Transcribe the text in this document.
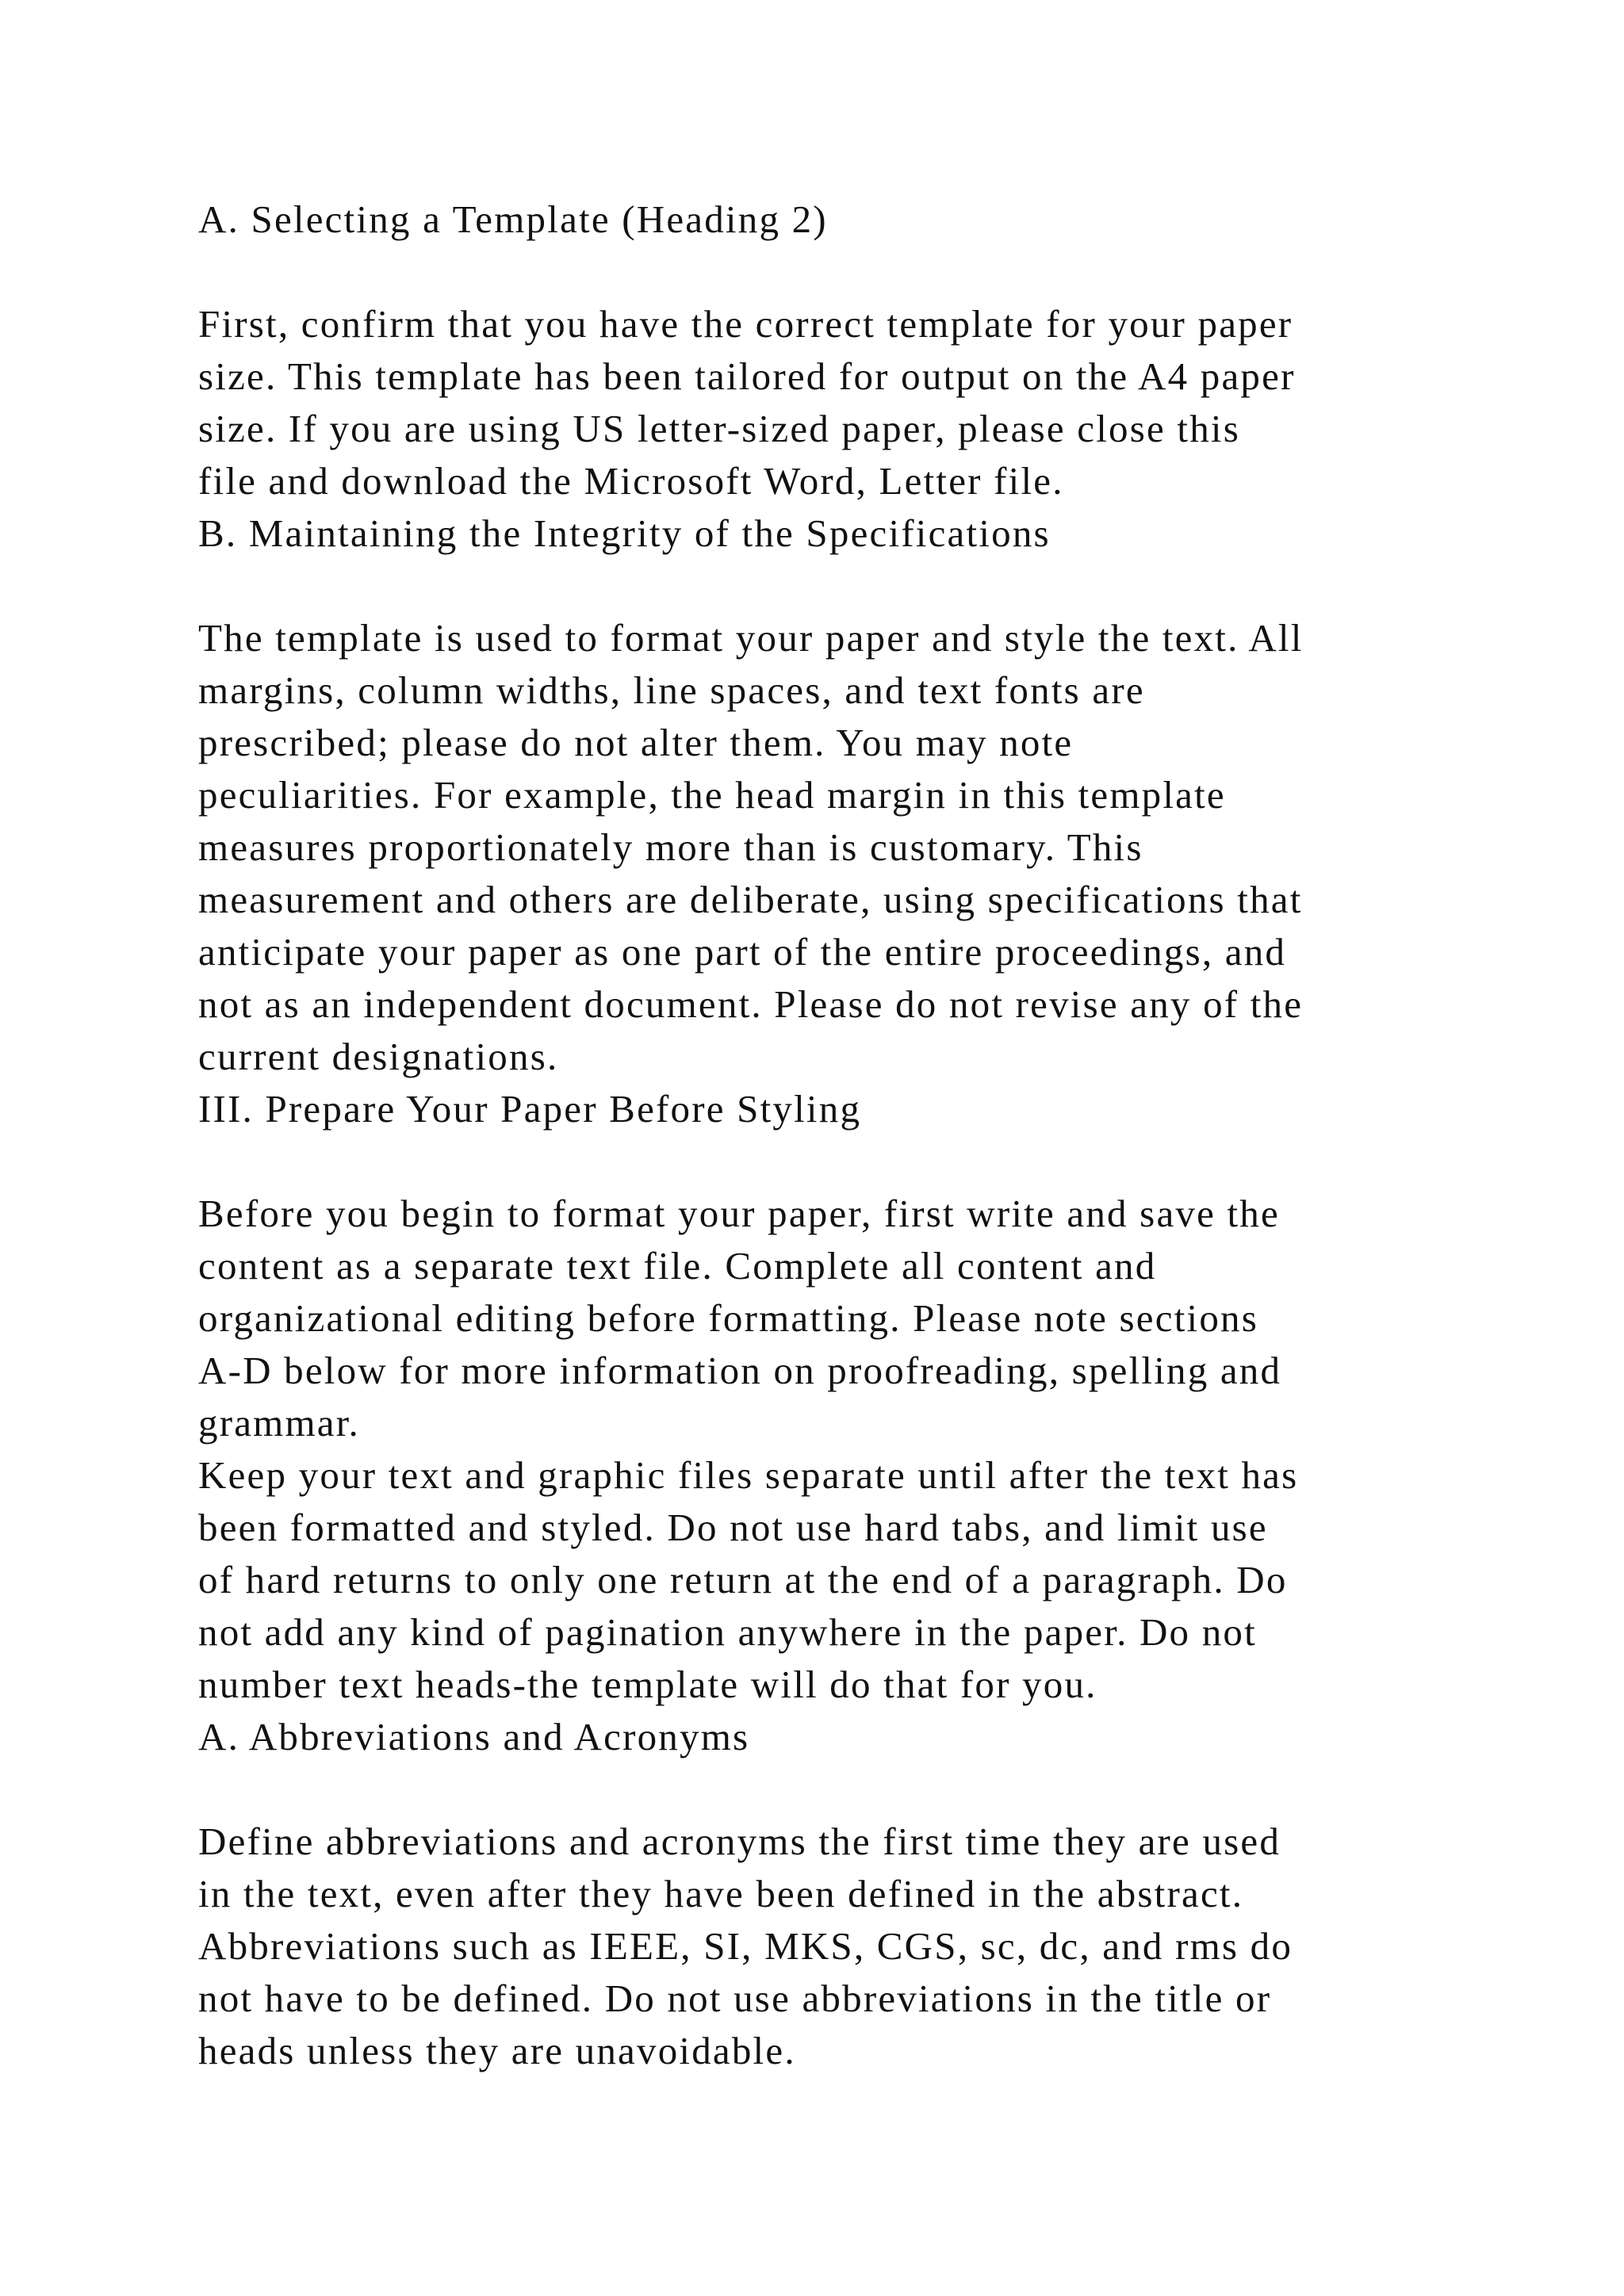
A. Selecting a Template (Heading 2)
First, confirm that you have the correct template for your paper
size. This template has been tailored for output on the A4 paper
size. If you are using US letter-sized paper, please close this
file and download the Microsoft Word, Letter file.
B. Maintaining the Integrity of the Specifications
The template is used to format your paper and style the text. All
margins, column widths, line spaces, and text fonts are
prescribed; please do not alter them. You may note
peculiarities. For example, the head margin in this template
measures proportionately more than is customary. This
measurement and others are deliberate, using specifications that
anticipate your paper as one part of the entire proceedings, and
not as an independent document. Please do not revise any of the
current designations.
III. Prepare Your Paper Before Styling
Before you begin to format your paper, first write and save the
content as a separate text file. Complete all content and
organizational editing before formatting. Please note sections
A-D below for more information on proofreading, spelling and
grammar.
Keep your text and graphic files separate until after the text has
been formatted and styled. Do not use hard tabs, and limit use
of hard returns to only one return at the end of a paragraph. Do
not add any kind of pagination anywhere in the paper. Do not
number text heads-the template will do that for you.
A. Abbreviations and Acronyms
Define abbreviations and acronyms the first time they are used
in the text, even after they have been defined in the abstract.
Abbreviations such as IEEE, SI, MKS, CGS, sc, dc, and rms do
not have to be defined. Do not use abbreviations in the title or
heads unless they are unavoidable.
